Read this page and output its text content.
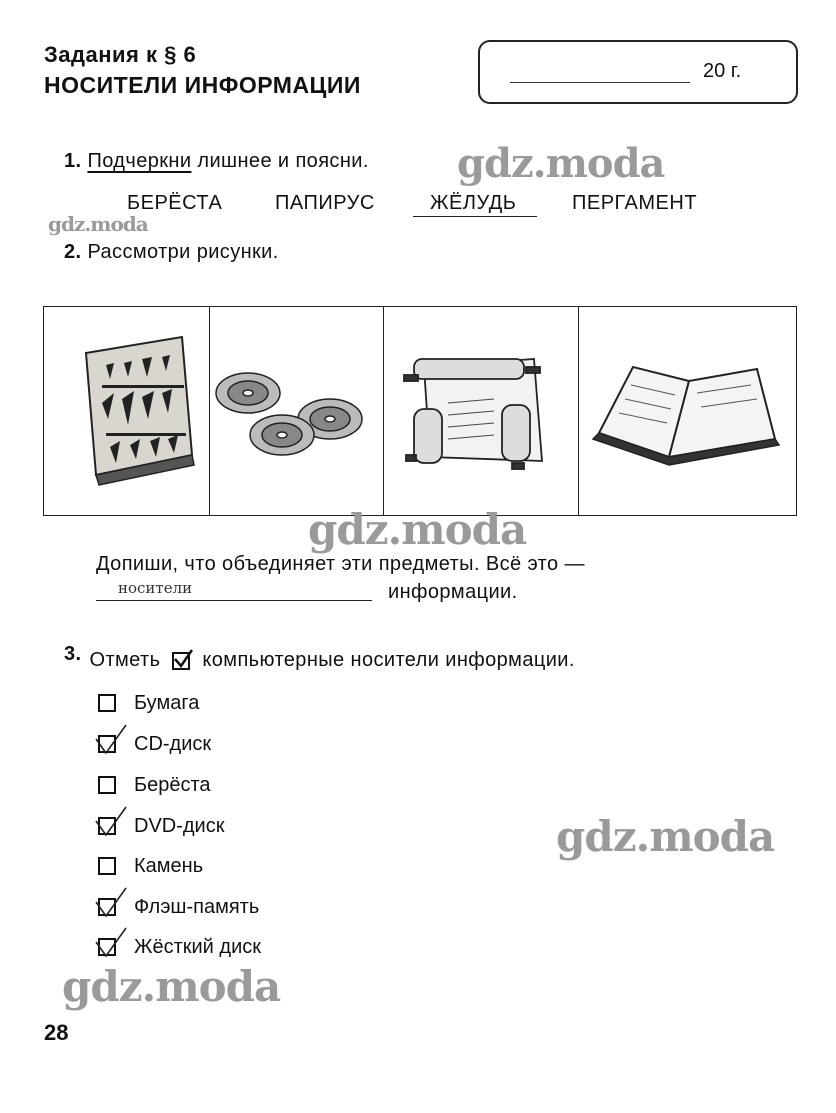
Задания к § 6
НОСИТЕЛИ ИНФОРМАЦИИ
20 г.
1. Подчеркни лишнее и поясни.
БЕРЁСТА	ПАПИРУС	ЖЁЛУДЬ	ПЕРГАМЕНТ
2. Рассмотри рисунки.
Допиши, что объединяет эти предметы. Всё это —
носители	информации.
3. Отметь компьютерные носители информации.
Бумага
CD-диск
Берёста
DVD-диск
Камень
Флэш-память
Жёсткий диск
gdz.moda
gdz.moda
gdz.moda
gdz.moda
gdz.moda
28
